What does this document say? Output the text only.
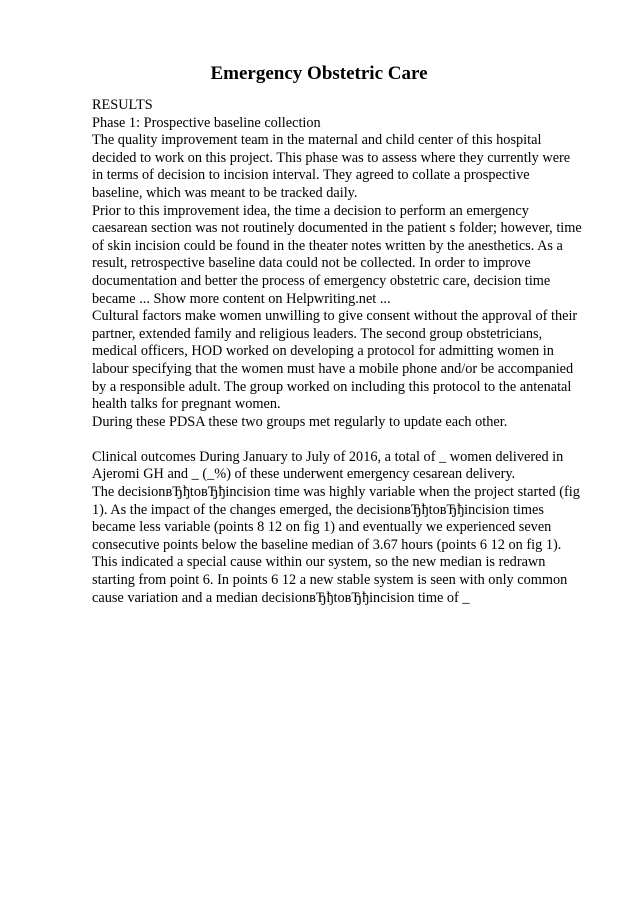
Emergency Obstetric Care

RESULTS

Phase 1: Prospective baseline collection

The quality improvement team in the maternal and child center of this hospital

decided to work on this project. This phase was to assess where they currently were

in terms of decision to incision interval. They agreed to collate a prospective

baseline, which was meant to be tracked daily.

Prior to this improvement idea, the time a decision to perform an emergency

caesarean section was not routinely documented in the patient s folder; however, time

of skin incision could be found in the theater notes written by the anesthetics. As a

result, retrospective baseline data could not be collected. In order to improve

documentation and better the process of emergency obstetric care, decision time

became ... Show more content on Helpwriting.net ...

Cultural factors make women unwilling to give consent without the approval of their

partner, extended family and religious leaders. The second group obstetricians,

medical officers, HOD worked on developing a protocol for admitting women in

labour specifying that the women must have a mobile phone and/or be accompanied

by a responsible adult. The group worked on including this protocol to the antenatal

health talks for pregnant women.

During these PDSA these two groups met regularly to update each other.

Clinical outcomes During January to July of 2016, a total of _ women delivered in

Ajeromi GH and _ (_%) of these underwent emergency cesarean delivery.

The decisionвЂђtoвЂђincision time was highly variable when the project started (fig

1). As the impact of the changes emerged, the decisionвЂђtoвЂђincision times

became less variable (points 8 12 on fig 1) and eventually we experienced seven

consecutive points below the baseline median of 3.67 hours (points 6 12 on fig 1).

This indicated a special cause within our system, so the new median is redrawn

starting from point 6. In points 6 12 a new stable system is seen with only common

cause variation and a median decisionвЂђtoвЂђincision time of _
